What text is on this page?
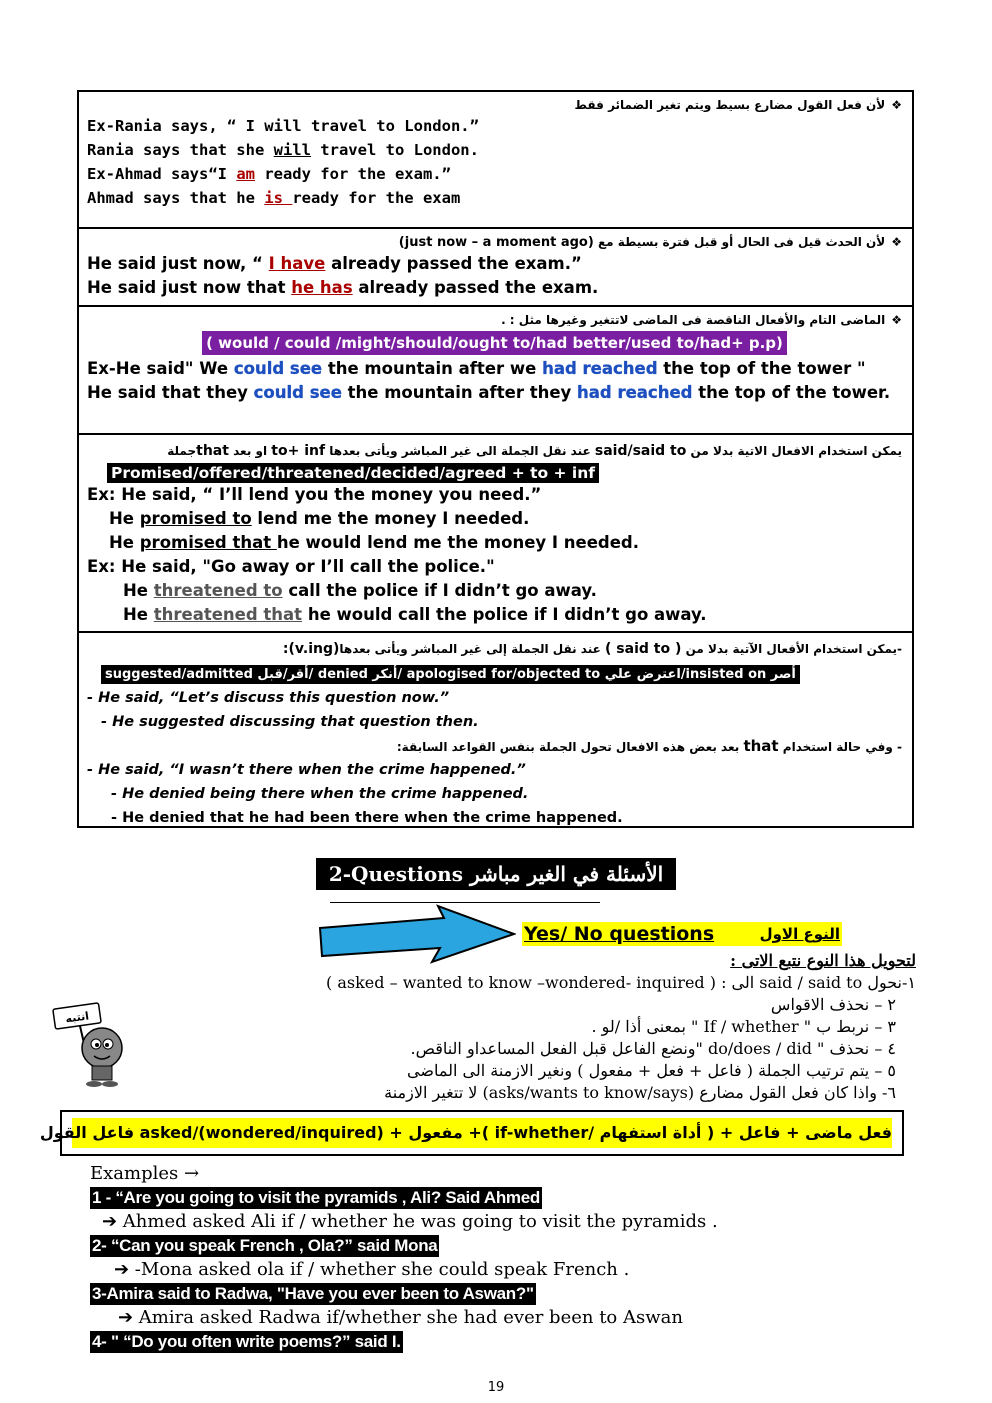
❖لأن فعل القول مضارع بسيط ويتم تغير الضمائر فقط
Ex-Rania says, “ I will travel to London.”
Rania says that she will travel to London.
Ex-Ahmad says“I am ready for the exam.”
Ahmad says that he is ready for the exam
❖لأن الحدث قيل فى الحال أو قبل فترة بسيطة مع (just now – a moment ago)
He said just now, “ I have already passed the exam.”
He said just now that he has already passed the exam.
❖الماضى التام والأفعال الناقصة فى الماضى لاتتغير وغيرها مثل : .
( would / could /might/should/ought to/had better/used to/had+ p.p)
Ex-He said" We could see the mountain after we had reached the top of the tower "
He said that they could see the mountain after they had reached the top of the tower.
يمكن استخدام الافعال الاتية بدلا من said/said to عند نقل الجملة الى غير المباشر ويأتى بعدها to+ inf او بعد thatجملة
Promised/offered/threatened/decided/agreed + to + inf
Ex: He said, “ I’ll lend you the money you need.”
He promised to lend me the money I needed.
He promised that he would lend me the money I needed.
Ex: He said, "Go away or I’ll call the police."
He threatened to call the police if I didn’t go away.
He threatened that he would call the police if I didn’t go away.
-يمكن استخدام الأفعال الآتية بدلا من ( said to ) عند نقل الجملة إلى غير المباشر ويأتى بعدها(v.ing):
suggested/admitted أقر/قبل/ denied أنكر/ apologised for/objected to اعترض علي/insisted on أصر
- He said, “Let’s discuss this question now.”
- He suggested discussing that question then.
- وفي حالة استخدام that بعد بعض هذه الافعال تحول الجملة بنفس القواعد السابقة:
- He said, “I wasn’t there when the crime happened.”
- He denied being there when the crime happened.
- He denied that he had been there when the crime happened.
2-Questions الأسئلة في الغير مباشر
Yes/ No questions	النوع الاول
انتبه
لتحويل هذا النوع نتبع الاتى :
١-نحول said / said to الى : ( asked – wanted to know –wondered- inquired )
٢ – نحذف الاقواس
٣ – نربط ب " If / whether " بمعنى أذا /لو .
٤ – نحذف " do/does / did "ونضع الفاعل قبل الفعل المساعداو الناقص.
٥ – يتم ترتيب الجملة ( فاعل + فعل + مفعول ) ونغير الازمنة الى الماضى
٦- واذا كان فعل القول مضارع (asks/wants to know/says) لا تتغير الازمنة
فعل ماضى + فاعل + ( أداة استفهام /if-whether )+ مفعول + (asked/(wondered/inquired فاعل القول
Examples →
1 - “Are you going to visit the pyramids , Ali? Said Ahmed
➔ Ahmed asked Ali if / whether he was going to visit the pyramids .
2- “Can you speak French , Ola?” said Mona
➔ -Mona asked ola if / whether she could speak French .
3-Amira said to Radwa, "Have you ever been to Aswan?"
➔ Amira asked Radwa if/whether she had ever been to Aswan
4- " “Do you often write poems?” said I.
19
